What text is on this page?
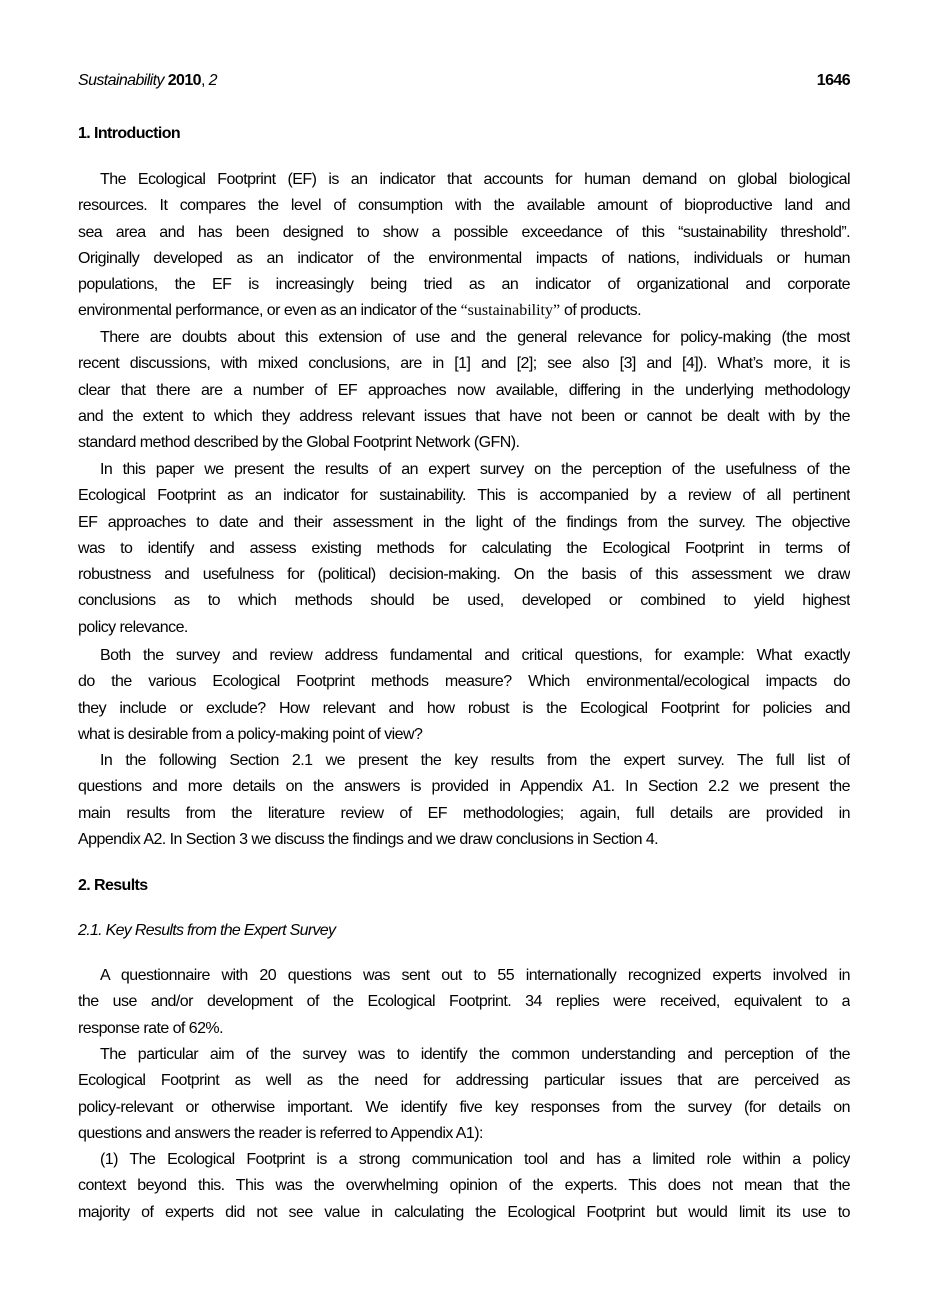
Sustainability 2010, 2	1646
1. Introduction
The Ecological Footprint (EF) is an indicator that accounts for human demand on global biological
resources. It compares the level of consumption with the available amount of bioproductive land and
sea area and has been designed to show a possible exceedance of this “sustainability threshold”.
Originally developed as an indicator of the environmental impacts of nations, individuals or human
populations, the EF is increasingly being tried as an indicator of organizational and corporate
environmental performance, or even as an indicator of the “sustainability” of products.
There are doubts about this extension of use and the general relevance for policy-making (the most
recent discussions, with mixed conclusions, are in [1] and [2]; see also [3] and [4]). What’s more, it is
clear that there are a number of EF approaches now available, differing in the underlying methodology
and the extent to which they address relevant issues that have not been or cannot be dealt with by the
standard method described by the Global Footprint Network (GFN).
In this paper we present the results of an expert survey on the perception of the usefulness of the
Ecological Footprint as an indicator for sustainability. This is accompanied by a review of all pertinent
EF approaches to date and their assessment in the light of the findings from the survey. The objective
was to identify and assess existing methods for calculating the Ecological Footprint in terms of
robustness and usefulness for (political) decision-making. On the basis of this assessment we draw
conclusions as to which methods should be used, developed or combined to yield highest
policy relevance.
Both the survey and review address fundamental and critical questions, for example: What exactly
do the various Ecological Footprint methods measure? Which environmental/ecological impacts do
they include or exclude? How relevant and how robust is the Ecological Footprint for policies and
what is desirable from a policy-making point of view?
In the following Section 2.1 we present the key results from the expert survey. The full list of
questions and more details on the answers is provided in Appendix A1. In Section 2.2 we present the
main results from the literature review of EF methodologies; again, full details are provided in
Appendix A2. In Section 3 we discuss the findings and we draw conclusions in Section 4.
2. Results
2.1. Key Results from the Expert Survey
A questionnaire with 20 questions was sent out to 55 internationally recognized experts involved in
the use and/or development of the Ecological Footprint. 34 replies were received, equivalent to a
response rate of 62%.
The particular aim of the survey was to identify the common understanding and perception of the
Ecological Footprint as well as the need for addressing particular issues that are perceived as
policy-relevant or otherwise important. We identify five key responses from the survey (for details on
questions and answers the reader is referred to Appendix A1):
(1) The Ecological Footprint is a strong communication tool and has a limited role within a policy
context beyond this. This was the overwhelming opinion of the experts. This does not mean that the
majority of experts did not see value in calculating the Ecological Footprint but would limit its use to
